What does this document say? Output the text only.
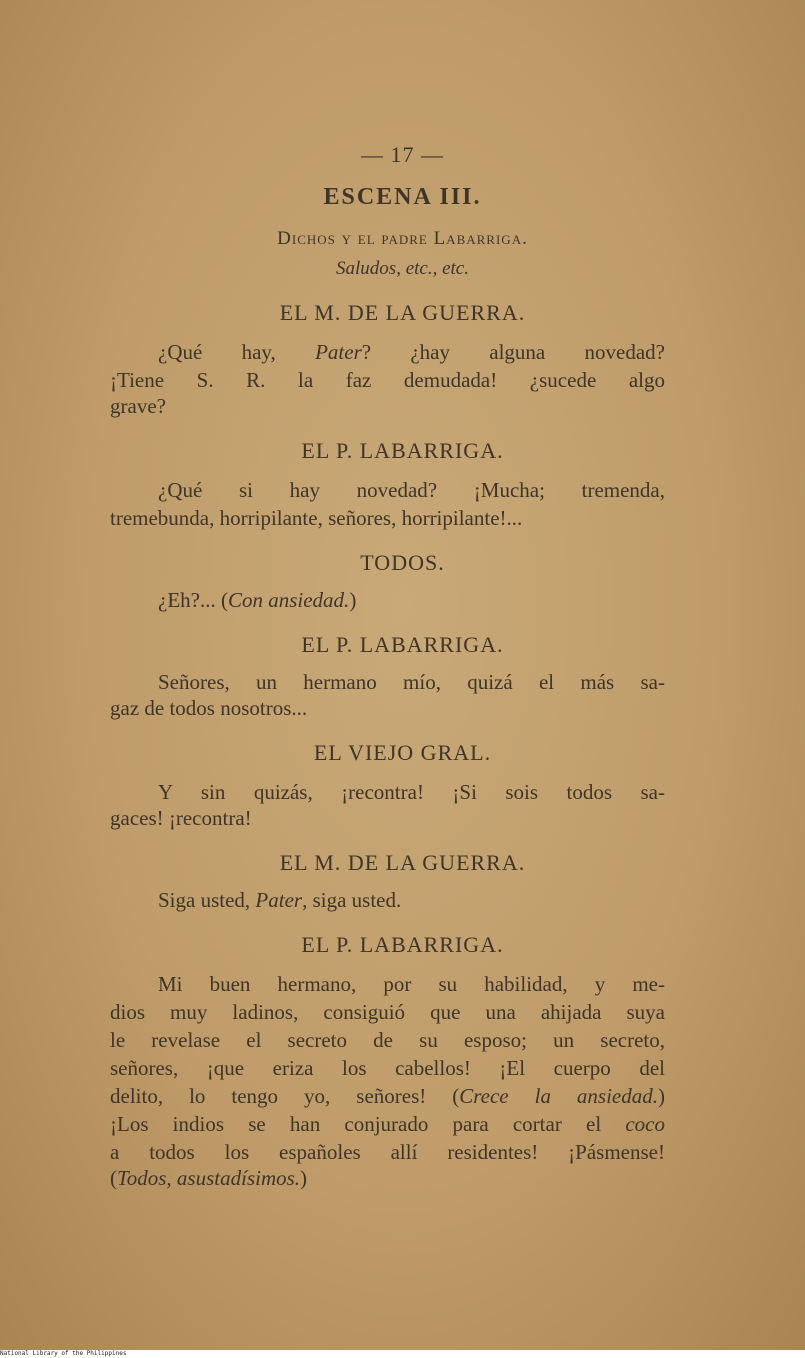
— 17 —
ESCENA III.
Dichos y el padre Labarriga.
Saludos, etc., etc.
EL M. DE LA GUERRA.
¿Qué hay, Pater? ¿hay alguna novedad?
¡Tiene S. R. la faz demudada! ¿sucede algo
grave?
EL P. LABARRIGA.
¿Qué si hay novedad? ¡Mucha; tremenda,
tremebunda, horripilante, señores, horripilante!...
TODOS.
¿Eh?... (Con ansiedad.)
EL P. LABARRIGA.
Señores, un hermano mío, quizá el más sa-
gaz de todos nosotros...
EL VIEJO GRAL.
Y sin quizás, ¡recontra! ¡Si sois todos sa-
gaces! ¡recontra!
EL M. DE LA GUERRA.
Siga usted, Pater, siga usted.
EL P. LABARRIGA.
Mi buen hermano, por su habilidad, y me-
dios muy ladinos, consiguió que una ahijada suya
le revelase el secreto de su esposo; un secreto,
señores, ¡que eriza los cabellos! ¡El cuerpo del
delito, lo tengo yo, señores! (Crece la ansiedad.)
¡Los indios se han conjurado para cortar el coco
a todos los españoles allí residentes! ¡Pásmense!
(Todos, asustadísimos.)
National Library of the Philippines
